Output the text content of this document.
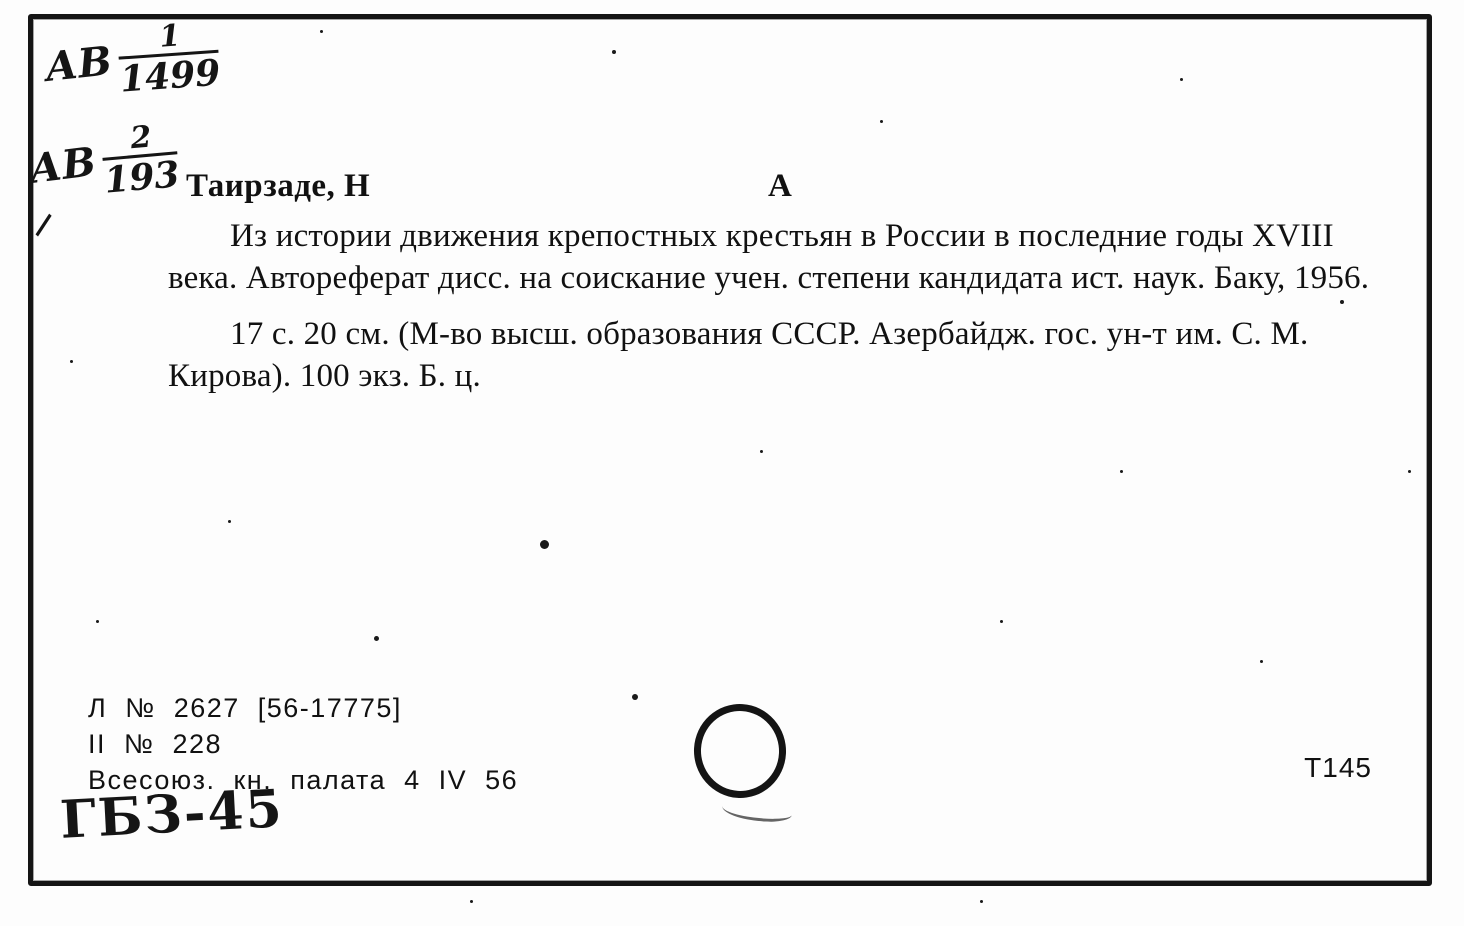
AB $\frac{1}{1499}$
AB $\frac{2}{193}$
\
ГБЗ-45
Таирзаде, Н	A

Из истории движения крепостных крестьян в России в последние годы XVIII века. Автореферат дисс. на соискание учен. степени кандидата ист. наук. Баку, 1956.

17 с. 20 см. (М-во высш. образования СССР. Азербайдж. гос. ун-т им. С. М. Кирова). 100 экз. Б. ц.

Л  №  2627  [56-17775]
II  №  228
Всесоюз.  кн.  палата  4  IV  56	Т145
